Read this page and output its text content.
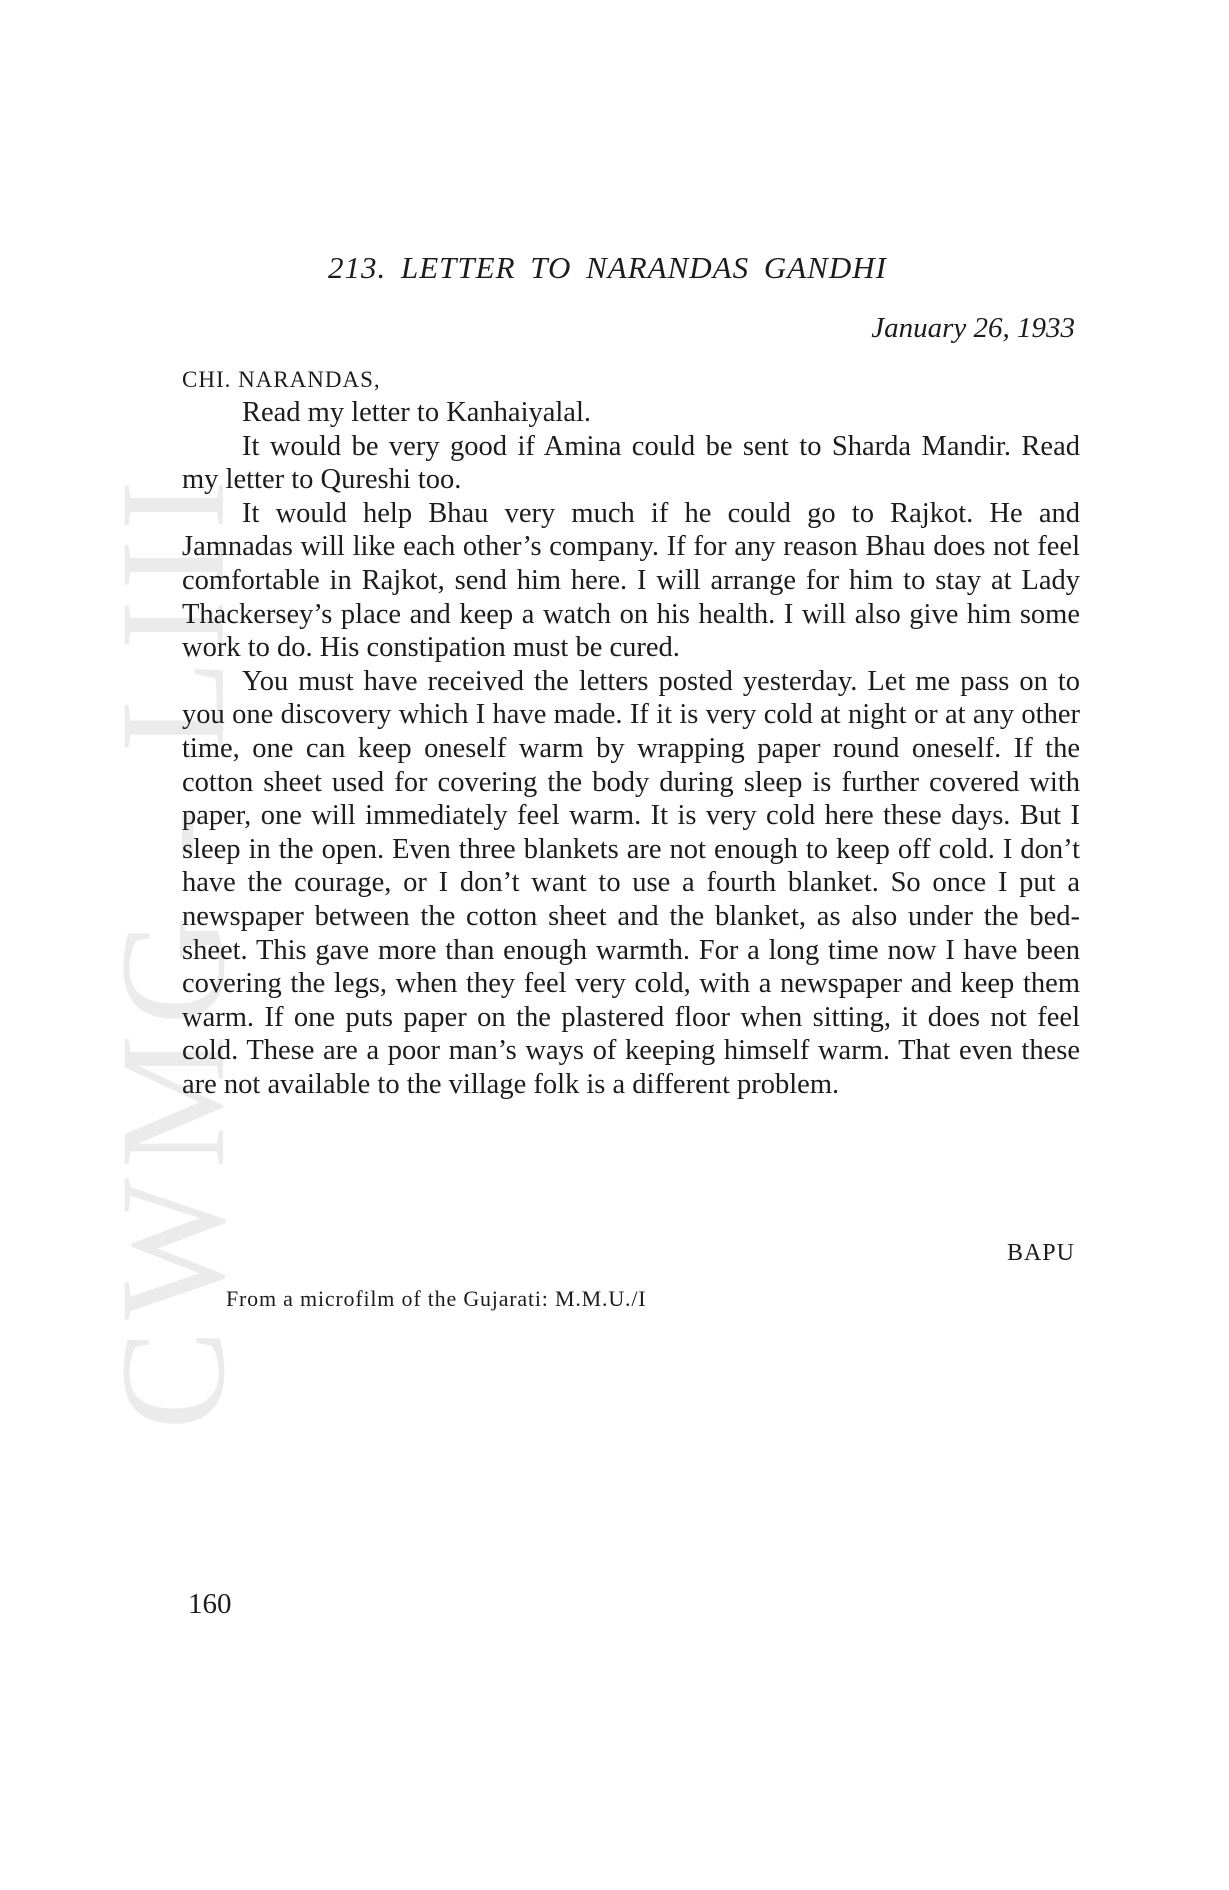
CWMG - LIII
213. LETTER TO NARANDAS GANDHI
January 26, 1933
CHI. NARANDAS,

Read my letter to Kanhaiyalal.

It would be very good if Amina could be sent to Sharda Mandir. Read my letter to Qureshi too.

It would help Bhau very much if he could go to Rajkot. He and Jamnadas will like each other’s company. If for any reason Bhau does not feel comfortable in Rajkot, send him here. I will arrange for him to stay at Lady Thackersey’s place and keep a watch on his health. I will also give him some work to do. His constipation must be cured.

You must have received the letters posted yesterday. Let me pass on to you one discovery which I have made. If it is very cold at night or at any other time, one can keep oneself warm by wrapping paper round oneself. If the cotton sheet used for covering the body during sleep is further covered with paper, one will immediately feel warm. It is very cold here these days. But I sleep in the open. Even three blankets are not enough to keep off cold. I don’t have the courage, or I don’t want to use a fourth blanket. So once I put a newspaper between the cotton sheet and the blanket, as also under the bed-sheet. This gave more than enough warmth. For a long time now I have been covering the legs, when they feel very cold, with a newspaper and keep them warm. If one puts paper on the plastered floor when sitting, it does not feel cold. These are a poor man’s ways of keeping himself warm. That even these are not available to the village folk is a different problem.

BAPU
From a microfilm of the Gujarati: M.M.U./I
160
